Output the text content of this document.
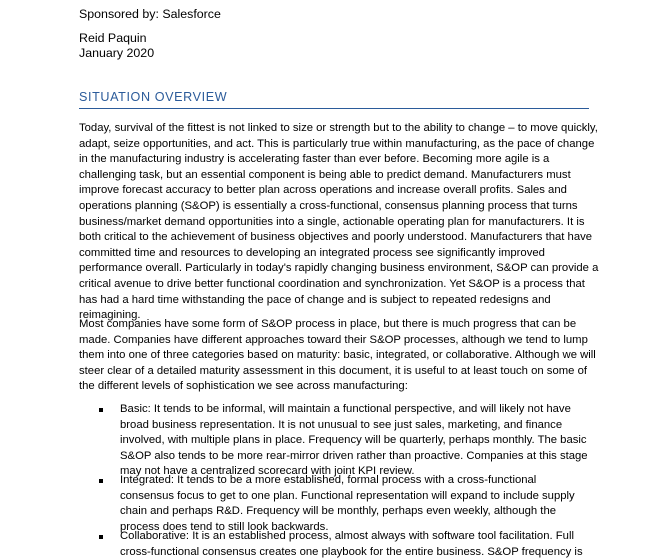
Sponsored by: Salesforce
Reid Paquin
January 2020
SITUATION OVERVIEW

Today, survival of the fittest is not linked to size or strength but to the ability to change – to move quickly, adapt, seize opportunities, and act. This is particularly true within manufacturing, as the pace of change in the manufacturing industry is accelerating faster than ever before. Becoming more agile is a challenging task, but an essential component is being able to predict demand. Manufacturers must improve forecast accuracy to better plan across operations and increase overall profits. Sales and operations planning (S&OP) is essentially a cross-functional, consensus planning process that turns business/market demand opportunities into a single, actionable operating plan for manufacturers. It is both critical to the achievement of business objectives and poorly understood. Manufacturers that have committed time and resources to developing an integrated process see significantly improved performance overall. Particularly in today's rapidly changing business environment, S&OP can provide a critical avenue to drive better functional coordination and synchronization. Yet S&OP is a process that has had a hard time withstanding the pace of change and is subject to repeated redesigns and reimagining.

Most companies have some form of S&OP process in place, but there is much progress that can be made. Companies have different approaches toward their S&OP processes, although we tend to lump them into one of three categories based on maturity: basic, integrated, or collaborative. Although we will steer clear of a detailed maturity assessment in this document, it is useful to at least touch on some of the different levels of sophistication we see across manufacturing:

Basic: It tends to be informal, will maintain a functional perspective, and will likely not have broad business representation. It is not unusual to see just sales, marketing, and finance involved, with multiple plans in place. Frequency will be quarterly, perhaps monthly. The basic S&OP also tends to be more rear-mirror driven rather than proactive. Companies at this stage may not have a centralized scorecard with joint KPI review.
Integrated: It tends to be a more established, formal process with a cross-functional consensus focus to get to one plan. Functional representation will expand to include supply chain and perhaps R&D. Frequency will be monthly, perhaps even weekly, although the process does tend to still look backwards.
Collaborative: It is an established process, almost always with software tool facilitation. Full cross-functional consensus creates one playbook for the entire business. S&OP frequency is
